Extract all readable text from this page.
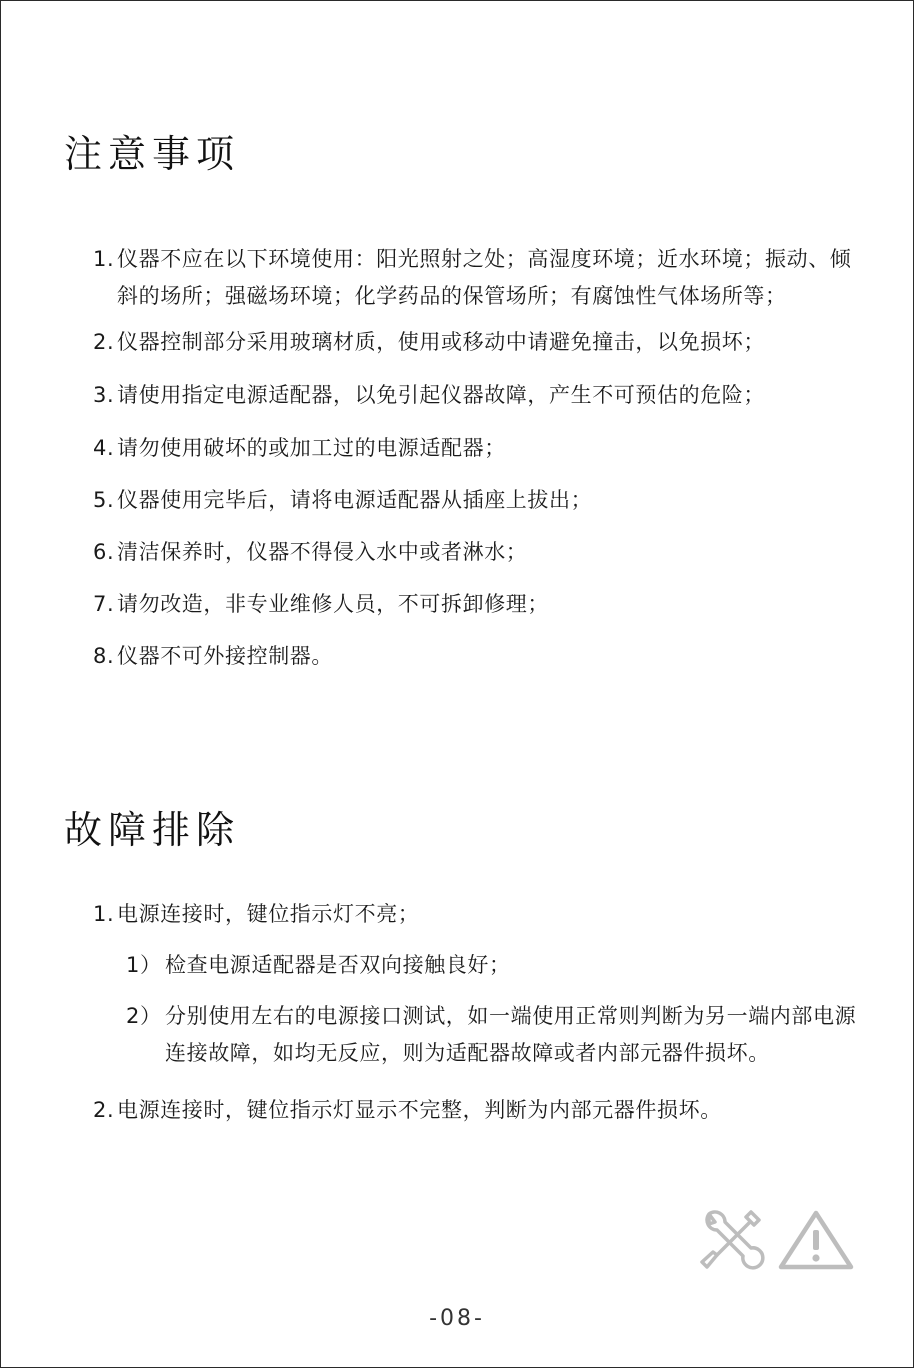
注意事项
1. 仪器不应在以下环境使用：阳光照射之处；高湿度环境；近水环境；振动、倾斜的场所；强磁场环境；化学药品的保管场所；有腐蚀性气体场所等；
2. 仪器控制部分采用玻璃材质，使用或移动中请避免撞击，以免损坏；
3. 请使用指定电源适配器，以免引起仪器故障，产生不可预估的危险；
4. 请勿使用破坏的或加工过的电源适配器；
5. 仪器使用完毕后，请将电源适配器从插座上拔出；
6. 清洁保养时，仪器不得侵入水中或者淋水；
7. 请勿改造，非专业维修人员，不可拆卸修理；
8. 仪器不可外接控制器。
故障排除
1. 电源连接时，键位指示灯不亮；
1） 检查电源适配器是否双向接触良好；
2） 分别使用左右的电源接口测试，如一端使用正常则判断为另一端内部电源连接故障，如均无反应，则为适配器故障或者内部元器件损坏。
2. 电源连接时，键位指示灯显示不完整，判断为内部元器件损坏。
-08-
